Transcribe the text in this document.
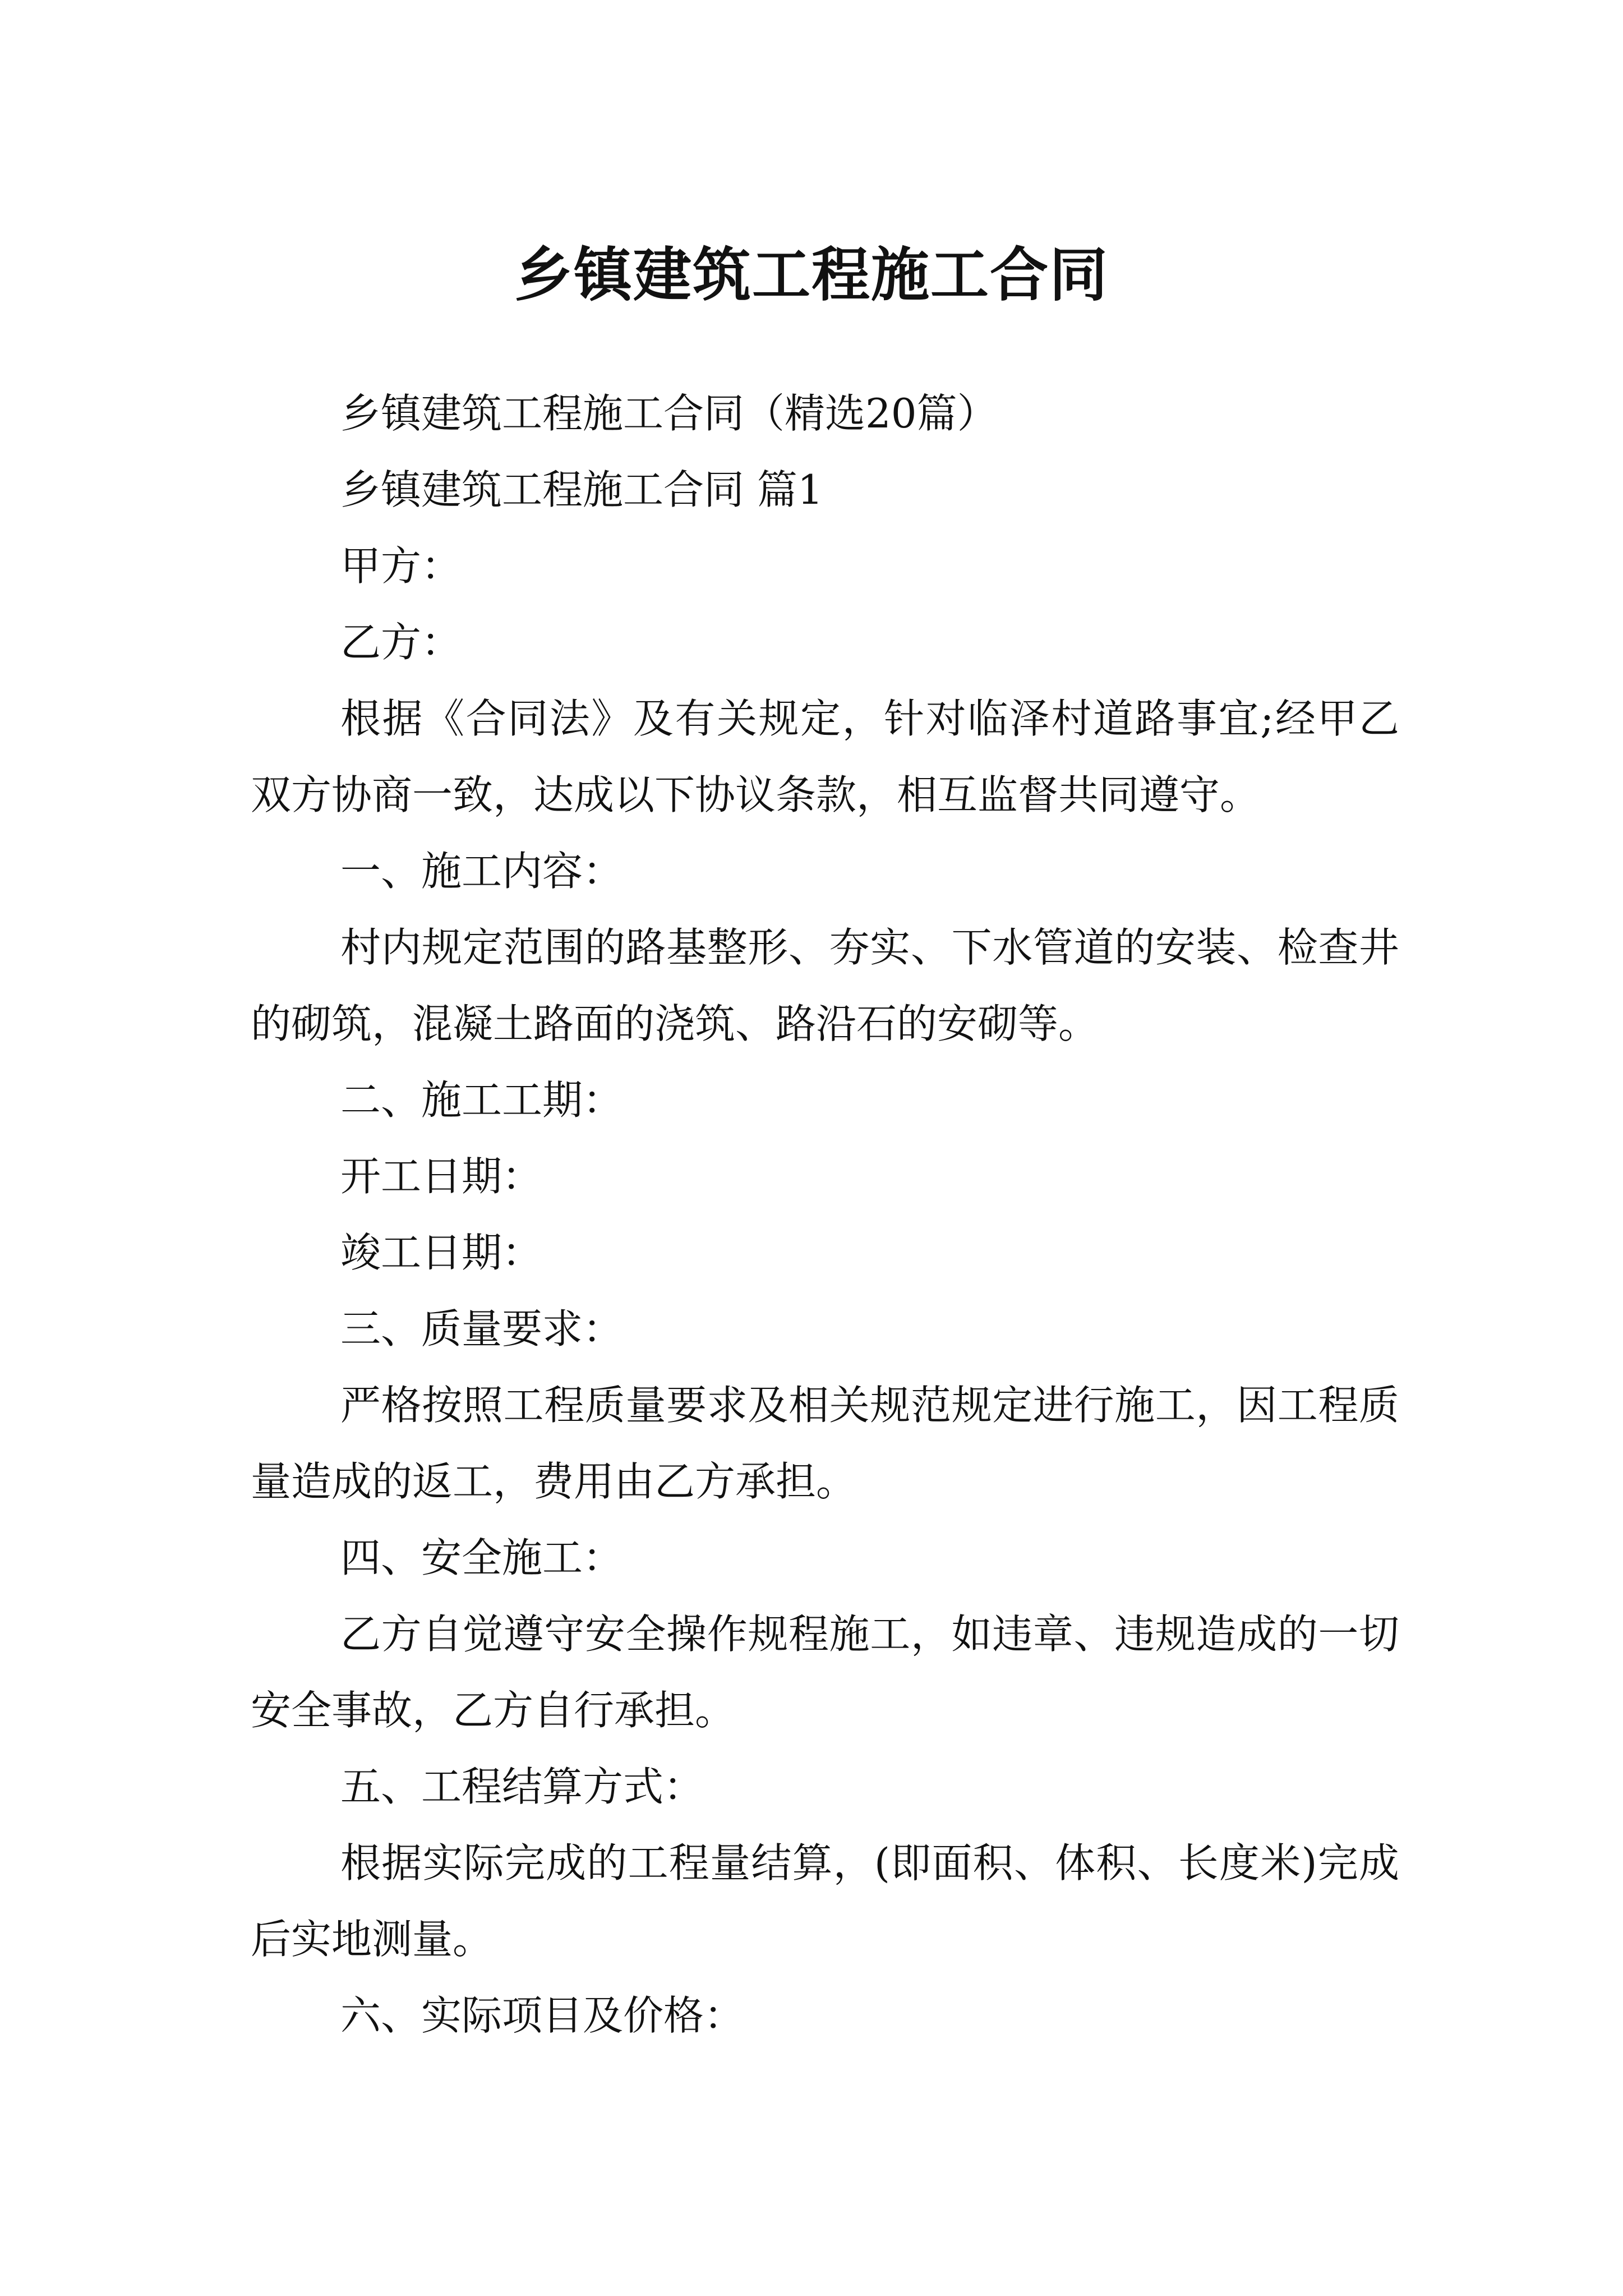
乡镇建筑工程施工合同

乡镇建筑工程施工合同（精选20篇）

乡镇建筑工程施工合同 篇1

甲方：

乙方：

根据《合同法》及有关规定，针对临泽村道路事宜;经甲乙双方协商一致，达成以下协议条款，相互监督共同遵守。

一、施工内容：

村内规定范围的路基整形、夯实、下水管道的安装、检查井的砌筑，混凝土路面的浇筑、路沿石的安砌等。

二、施工工期：

开工日期：

竣工日期：

三、质量要求：

严格按照工程质量要求及相关规范规定进行施工，因工程质量造成的返工，费用由乙方承担。

四、安全施工：

乙方自觉遵守安全操作规程施工，如违章、违规造成的一切安全事故，乙方自行承担。

五、工程结算方式：

根据实际完成的工程量结算，(即面积、体积、长度米)完成后实地测量。

六、实际项目及价格：
